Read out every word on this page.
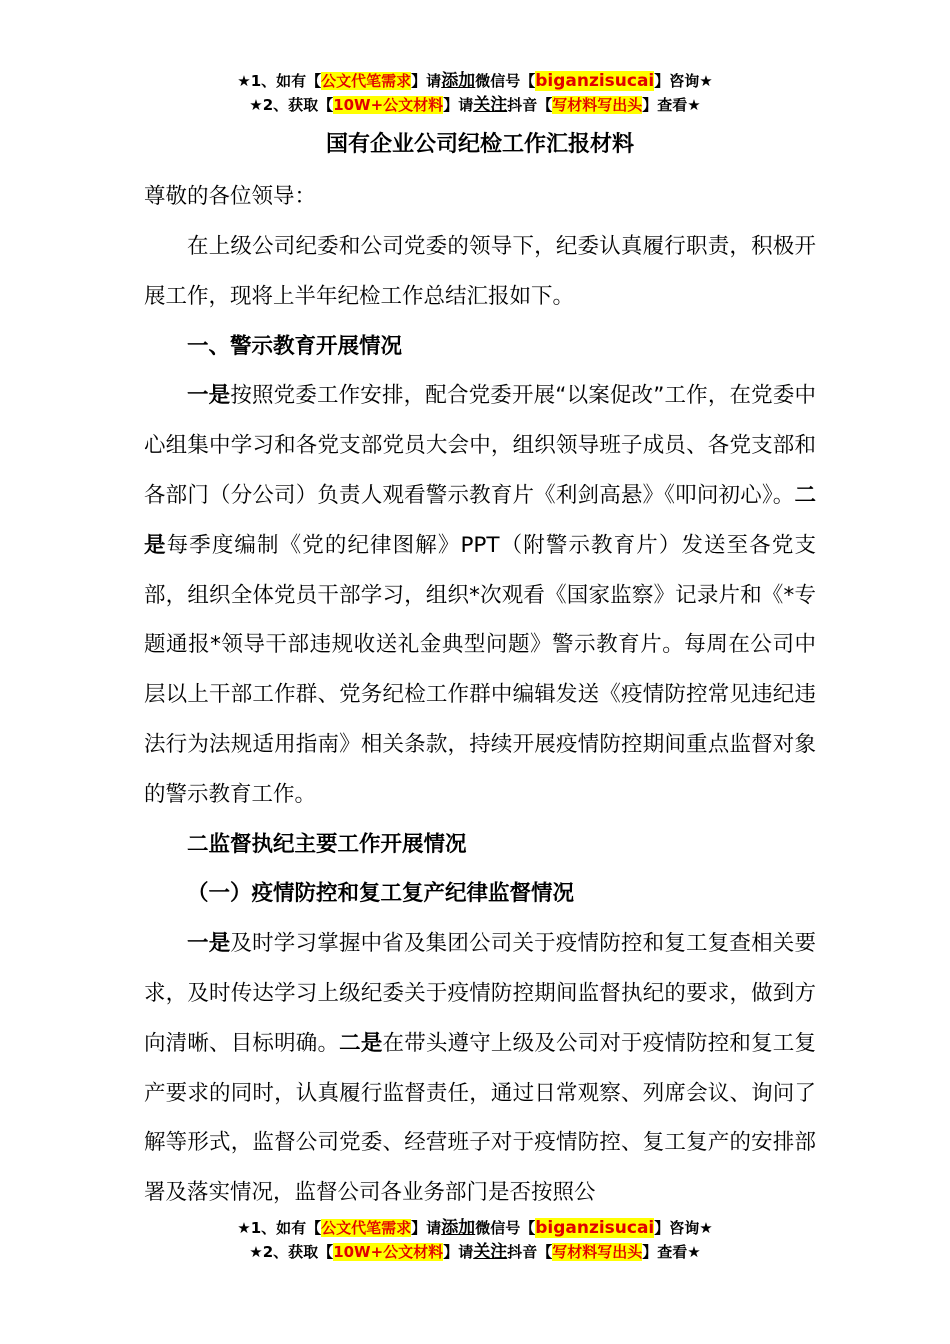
★1、如有【公文代笔需求】请添加微信号【biganzisucai】咨询★
★2、获取【10W+公文材料】请关注抖音【写材料写出头】查看★
国有企业公司纪检工作汇报材料

尊敬的各位领导：

在上级公司纪委和公司党委的领导下，纪委认真履行职责，积极开展工作，现将上半年纪检工作总结汇报如下。

一、警示教育开展情况

一是按照党委工作安排，配合党委开展“以案促改”工作，在党委中心组集中学习和各党支部党员大会中，组织领导班子成员、各党支部和各部门（分公司）负责人观看警示教育片《利剑高悬》《叩问初心》。二是每季度编制《党的纪律图解》PPT（附警示教育片）发送至各党支部，组织全体党员干部学习，组织*次观看《国家监察》记录片和《*专题通报*领导干部违规收送礼金典型问题》警示教育片。每周在公司中层以上干部工作群、党务纪检工作群中编辑发送《疫情防控常见违纪违法行为法规适用指南》相关条款，持续开展疫情防控期间重点监督对象的警示教育工作。

二监督执纪主要工作开展情况

（一）疫情防控和复工复产纪律监督情况

一是及时学习掌握中省及集团公司关于疫情防控和复工复查相关要求，及时传达学习上级纪委关于疫情防控期间监督执纪的要求，做到方向清晰、目标明确。二是在带头遵守上级及公司对于疫情防控和复工复产要求的同时，认真履行监督责任，通过日常观察、列席会议、询问了解等形式，监督公司党委、经营班子对于疫情防控、复工复产的安排部署及落实情况，监督公司各业务部门是否按照公

★1、如有【公文代笔需求】请添加微信号【biganzisucai】咨询★
★2、获取【10W+公文材料】请关注抖音【写材料写出头】查看★
